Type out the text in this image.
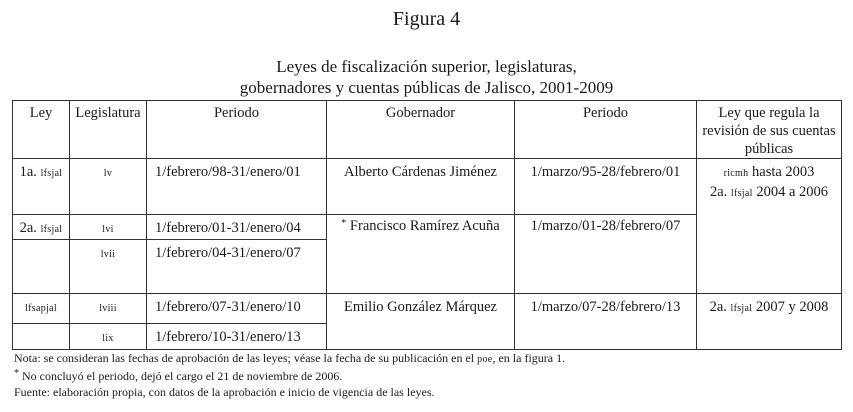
Figura 4
Leyes de fiscalización superior, legislaturas,
gobernadores y cuentas públicas de Jalisco, 2001-2009
Ley	Legislatura	Periodo	Gobernador	Periodo	Ley que regula la revisión de sus cuentas públicas
1a. lfsjal	lv	1/febrero/98-31/enero/01	Alberto Cárdenas Jiménez	1/marzo/95-28/febrero/01	ricmh hasta 2003
2a. lfsjal 2004 a 2006

2a. lfsjal	lvi	1/febrero/01-31/enero/04	* Francisco Ramírez Acuña	1/marzo/01-28/febrero/07	
	lvii	1/febrero/04-31/enero/07			
lfsapjal	lviii	1/febrero/07-31/enero/10	Emilio González Márquez	1/marzo/07-28/febrero/13	2a. lfsjal 2007 y 2008
	lix	1/febrero/10-31/enero/13			
Nota: se consideran las fechas de aprobación de las leyes; véase la fecha de su publicación en el poe, en la figura 1.
* No concluyó el periodo, dejó el cargo el 21 de noviembre de 2006.
Fuente: elaboración propia, con datos de la aprobación e inicio de vigencia de las leyes.
